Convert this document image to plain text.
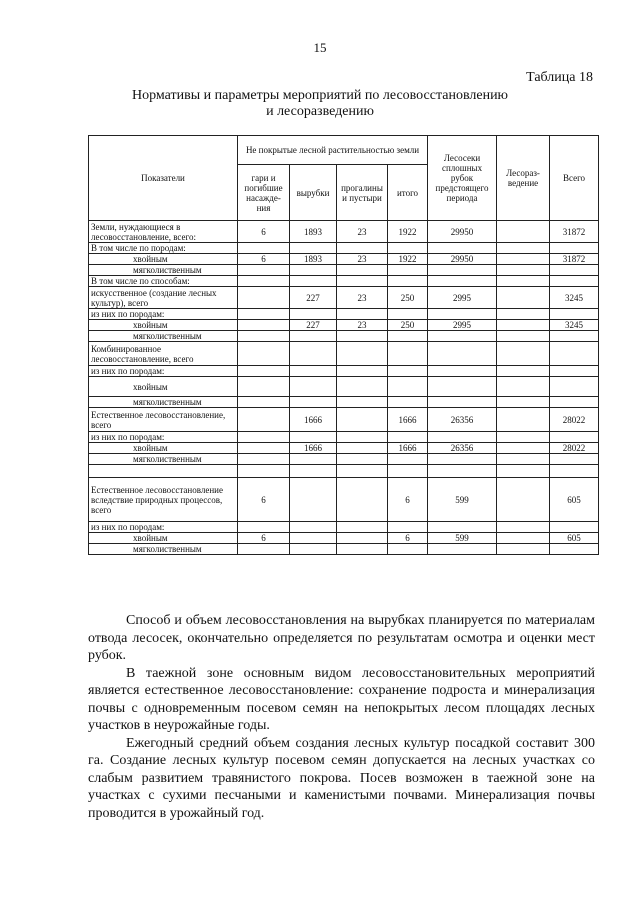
15
Таблица 18
Нормативы и параметры мероприятий по лесовосстановлению
и лесоразведению
Показатели	Не покрытые лесной растительностью земли				Лесосеки сплошных рубок предстоящего периода	Лесораз-ведение	Всего
	гари и погибшие насажде-ния	вырубки	прогалины и пустыри	итого			
Земли, нуждающиеся в лесовосстановление, всего:	6	1893	23	1922	29950		31872
В том числе по породам:							
хвойным	6	1893	23	1922	29950		31872
мягколиственным							
В том числе по способам:							
искусственное (создание лесных культур), всего		227	23	250	2995		3245
из них по породам:							
хвойным		227	23	250	2995		3245
мягколиственным							
Комбинированное лесовосстановление, всего							
из них по породам:							
хвойным							
мягколиственным							
Естественное лесовосстановление, всего		1666		1666	26356		28022
из них по породам:							
хвойным		1666		1666	26356		28022
мягколиственным							

Естественное лесовосстановление вследствие природных процессов, всего	6			6	599		605
из них по породам:							
хвойным	6			6	599		605
мягколиственным							

Способ и объем лесовосстановления на вырубках планируется по материалам отвода лесосек, окончательно определяется по результатам осмотра и оценки мест рубок.

В таежной зоне основным видом лесовосстановительных мероприятий является естественное лесовосстановление: сохранение подроста и минерализация почвы с одновременным посевом семян на непокрытых лесом площадях лесных участков в неурожайные годы.

Ежегодный средний объем создания лесных культур посадкой составит 300 га. Создание лесных культур посевом семян допускается на лесных участках со слабым развитием травянистого покрова. Посев возможен в таежной зоне на участках с сухими песчаными и каменистыми почвами. Минерализация почвы проводится в урожайный год.
